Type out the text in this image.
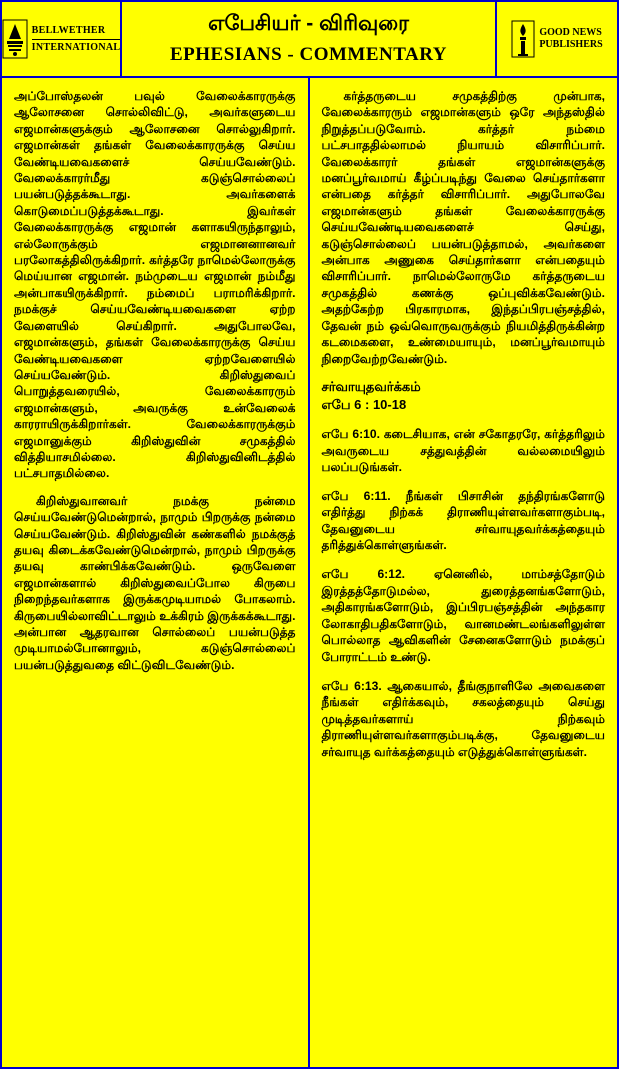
BELLWETHER
INTERNATIONAL
எபேசியர் - விரிவுரை
EPHESIANS - COMMENTARY
GOOD NEWS
PUBLISHERS

அப்போஸ்தலன் பவுல் வேலைக்காரருக்கு ஆலோசனை சொல்லிவிட்டு, அவர்களுடைய எஜமான்களுக்கும் ஆலோசனை சொல்லுகிறார். எஜமான்கள் தங்கள் வேலைக்காரருக்கு செய்ய வேண்டியவைகளைச் செய்யவேண்டும். வேலைக்காரர்மீது கடுஞ்சொல்லைப் பயன்படுத்தக்கூடாது. அவர்களைக் கொடுமைப்படுத்தக்கூடாது. இவர்கள் வேலைக்காரருக்கு எஜமான் களாகயிருந்தாலும், எல்லோருக்கும் எஜமானனானவர் பரலோகத்திலிருக்கிறார். கர்த்தரே நாமெல்லோருக்கு மெய்யான எஜமான். நம்முடைய எஜமான் நம்மீது அன்பாகயிருக்கிறார். நம்மைப் பராமரிக்கிறார். நமக்குச் செய்யவேண்டியவைகளை ஏற்ற வேளையில் செய்கிறார். அதுபோலவே, எஜமான்களும், தங்கள் வேலைக்காரருக்கு செய்ய வேண்டியவைகளை ஏற்றவேளையில் செய்யவேண்டும். கிறிஸ்துவைப் பொறுத்தவரையில், வேலைக்காரரும் எஜமான்களும், அவருக்கு உன்வேலைக் காரராயிருக்கிறார்கள். வேலைக்காரருக்கும் எஜமானுக்கும் கிறிஸ்துவின் சமுகத்தில் வித்தியாசமில்லை. கிறிஸ்துவினிடத்தில் பட்சபாதமில்லை.

கிறிஸ்துவானவர் நமக்கு நன்மை செய்யவேண்டுமென்றால், நாமும் பிறருக்கு நன்மை செய்யவேண்டும். கிறிஸ்துவின் கண்களில் நமக்குத் தயவு கிடைக்கவேண்டுமென்றால், நாமும் பிறருக்கு தயவு காண்பிக்கவேண்டும். ஒருவேளை எஜமான்களால் கிறிஸ்துவைப்போல கிருபை நிறைந்தவர்களாக இருக்கமுடியாமல் போகலாம். கிருபையில்லாவிட்டாலும் உக்கிரம் இருக்கக்கூடாது. அன்பான ஆதரவான சொல்லைப் பயன்படுத்த முடியாமல்போனாலும், கடுஞ்சொல்லைப் பயன்படுத்துவதை விட்டுவிடவேண்டும்.

கர்த்தருடைய சமுகத்திற்கு முன்பாக, வேலைக்காரரும் எஜமான்களும் ஒரே அந்தஸ்தில் நிறுத்தப்படுவோம். கர்த்தர் நம்மை பட்சபாததில்லாமல் நியாயம் விசாரிப்பார். வேலைக்காரர் தங்கள் எஜமான்களுக்கு மனப்பூர்வமாய் கீழ்ப்படிந்து வேலை செய்தார்களா என்பதை கர்த்தர் விசாரிப்பார். அதுபோலவே எஜமான்களும் தங்கள் வேலைக்காரருக்கு செய்யவேண்டியவைகளைச் செய்து, கடுஞ்சொல்லைப் பயன்படுத்தாமல், அவர்களை அன்பாக அணுகை செய்தார்களா என்பதையும் விசாரிப்பார். நாமெல்லோருமே கர்த்தருடைய சமுகத்தில் கணக்கு ஒப்புவிக்கவேண்டும். அதற்கேற்ற பிரகாரமாக, இந்தப்பிரபஞ்சத்தில், தேவன் நம் ஒவ்வொருவருக்கும் நியமித்திருக்கின்ற கடமைகளை, உண்மையாயும், மனப்பூர்வமாயும் நிறைவேற்றவேண்டும்.

சர்வாயுதவர்க்கம்
எபே 6 : 10-18

எபே 6:10. கடைசியாக, என் சகோதரரே, கர்த்தரிலும் அவருடைய சத்துவத்தின் வல்லமையிலும் பலப்படுங்கள்.

எபே 6:11. நீங்கள் பிசாசின் தந்திரங்களோடு எதிர்த்து நிற்கக் திராணியுள்ளவர்களாகும்படி, தேவனுடைய சர்வாயுதவர்க்கத்தையும் தரித்துக்கொள்ளுங்கள்.

எபே 6:12. ஏனெனில், மாம்சத்தோடும் இரத்தத்தோடுமல்ல, துரைத்தனங்களோடும், அதிகாரங்களோடும், இப்பிரபஞ்சத்தின் அந்தகார லோகாதிபதிகளோடும், வானமண்டலங்களிலுள்ள பொல்லாத ஆவிகளின் சேனைகளோடும் நமக்குப் போராட்டம் உண்டு.

எபே 6:13. ஆகையால், தீங்குநாளிலே அவைகளை நீங்கள் எதிர்க்கவும், சகலத்தையும் செய்து முடித்தவர்களாய் நிற்கவும் திராணியுள்ளவர்களாகும்படிக்கு, தேவனுடைய சர்வாயுத வர்க்கத்தையும் எடுத்துக்கொள்ளுங்கள்.
